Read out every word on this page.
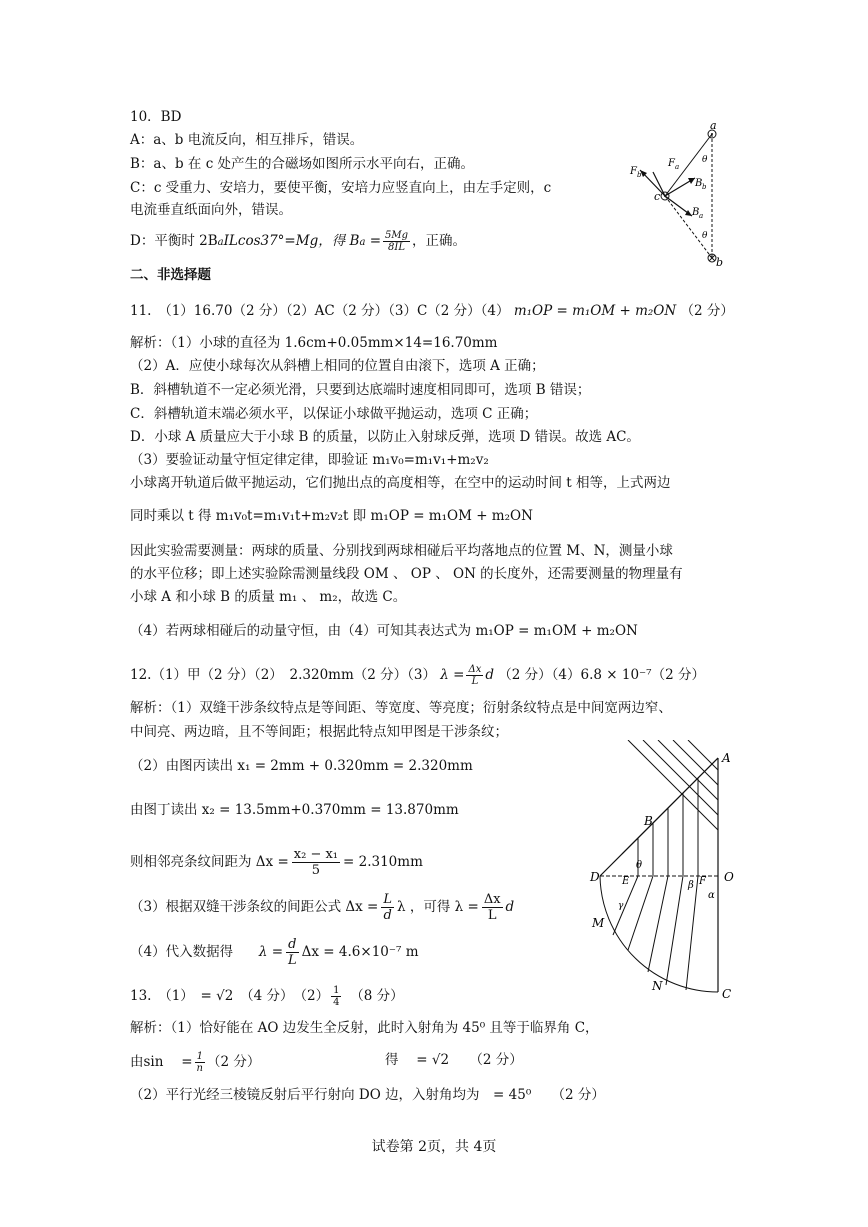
10．BD
A：a、b 电流反向，相互排斥，错误。
B：a、b 在 c 处产生的合磁场如图所示水平向右，正确。
C：c 受重力、安培力，要使平衡，安培力应竖直向上，由左手定则，c
电流垂直纸面向外，错误。
D：平衡时 2BaILcos37°=Mg，得 $Ba = \frac{5Mg}{8IL}$ ，正确。
a
b
c
F b
F a
B b
B a
θ
θ
二、非选择题
11.　（1）16.70（2 分）（2）AC（2 分）（3）C（2 分）（4） m₁OP = m₁OM + m₂ON （2 分）
解析：（1）小球的直径为 1.6cm+0.05mm×14=16.70mm
（2）A．应使小球每次从斜槽上相同的位置自由滚下，选项 A 正确；
B．斜槽轨道不一定必须光滑，只要到达底端时速度相同即可，选项 B 错误；
C．斜槽轨道末端必须水平，以保证小球做平抛运动，选项 C 正确；
D．小球 A 质量应大于小球 B 的质量，以防止入射球反弹，选项 D 错误。故选 AC。
（3）要验证动量守恒定律定律，即验证 m₁v₀=m₁v₁+m₂v₂
小球离开轨道后做平抛运动，它们抛出点的高度相等，在空中的运动时间 t 相等，上式两边
同时乘以 t 得 m₁v₀t=m₁v₁t+m₂v₂t 即 m₁OP = m₁OM + m₂ON
因此实验需要测量：两球的质量、分别找到两球相碰后平均落地点的位置 M、N，测量小球
的水平位移；即上述实验除需测量线段 OM 、 OP 、 ON 的长度外，还需要测量的物理量有
小球 A 和小球 B 的质量 m₁ 、 m₂，故选 C。
（4）若两球相碰后的动量守恒，由（4）可知其表达式为 m₁OP = m₁OM + m₂ON
12.（1）甲（2 分）（2）　2.320mm（2 分）（3） $\lambda = \frac{\Delta x}{L}$ d （2 分）（4）6.8 × 10⁻⁷（2 分）
解析：（1）双缝干涉条纹特点是等间距、等宽度、等亮度；衍射条纹特点是中间宽两边窄、
中间亮、两边暗，且不等间距；根据此特点知甲图是干涉条纹；
（2）由图丙读出 x₁ = 2mm + 0.320mm = 2.320mm
由图丁读出 x₂ = 13.5mm+0.370mm = 13.870mm
则相邻亮条纹间距为 $\Delta x = \frac{\text{x₂ − x₁}}{5} = 2.310mm$
（3）根据双缝干涉条纹的间距公式 $\Delta x = \frac{L}{d}$ λ ，可得 $\lambda = \frac{\Delta x}{L}$ d
（4）代入数据得 $\lambda = \frac{d}{L}$ Δx = 4.6×10⁻⁷ m
A
B
C
D	O
M
N
E	F
θ
β
α
γ
13.　（1）　= √2　（4 分）　$(2) \frac{1}{4}$ 　（8 分）
解析：（1）恰好能在 AO 边发生全反射，此时入射角为 45⁰ 且等于临界角 C，
由sin　 = $\frac{1}{n} (2$ 分）	得　 = √2　　（2 分）
（2）平行光经三棱镜反射后平行射向 DO 边，入射角均为　= 45⁰　　（2 分）
试卷第 2页，共 4页
